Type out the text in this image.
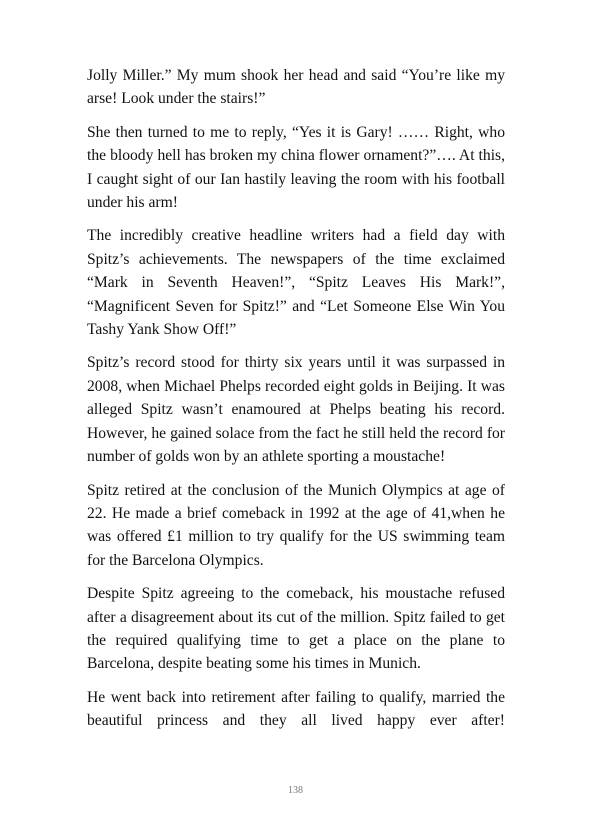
Jolly Miller.” My mum shook her head and said “You’re like my arse! Look under the stairs!”

She then turned to me to reply, “Yes it is Gary! …… Right, who the bloody hell has broken my china flower ornament?”…. At this, I caught sight of our Ian hastily leaving the room with his football under his arm!

The incredibly creative headline writers had a field day with Spitz’s achievements. The newspapers of the time exclaimed “Mark in Seventh Heaven!”, “Spitz Leaves His Mark!”, “Magnificent Seven for Spitz!” and “Let Someone Else Win You Tashy Yank Show Off!”

Spitz’s record stood for thirty six years until it was surpassed in 2008, when Michael Phelps recorded eight golds in Beijing. It was alleged Spitz wasn’t enamoured at Phelps beating his record. However, he gained solace from the fact he still held the record for number of golds won by an athlete sporting a moustache!

Spitz retired at the conclusion of the Munich Olympics at age of 22. He made a brief comeback in 1992 at the age of 41,when he was offered £1 million to try qualify for the US swimming team for the Barcelona Olympics.

Despite Spitz agreeing to the comeback, his moustache refused after a disagreement about its cut of the million. Spitz failed to get the required qualifying time to get a place on the plane to Barcelona, despite beating some his times in Munich.

He went back into retirement after failing to qualify, married the beautiful princess and they all lived happy ever after!

138
